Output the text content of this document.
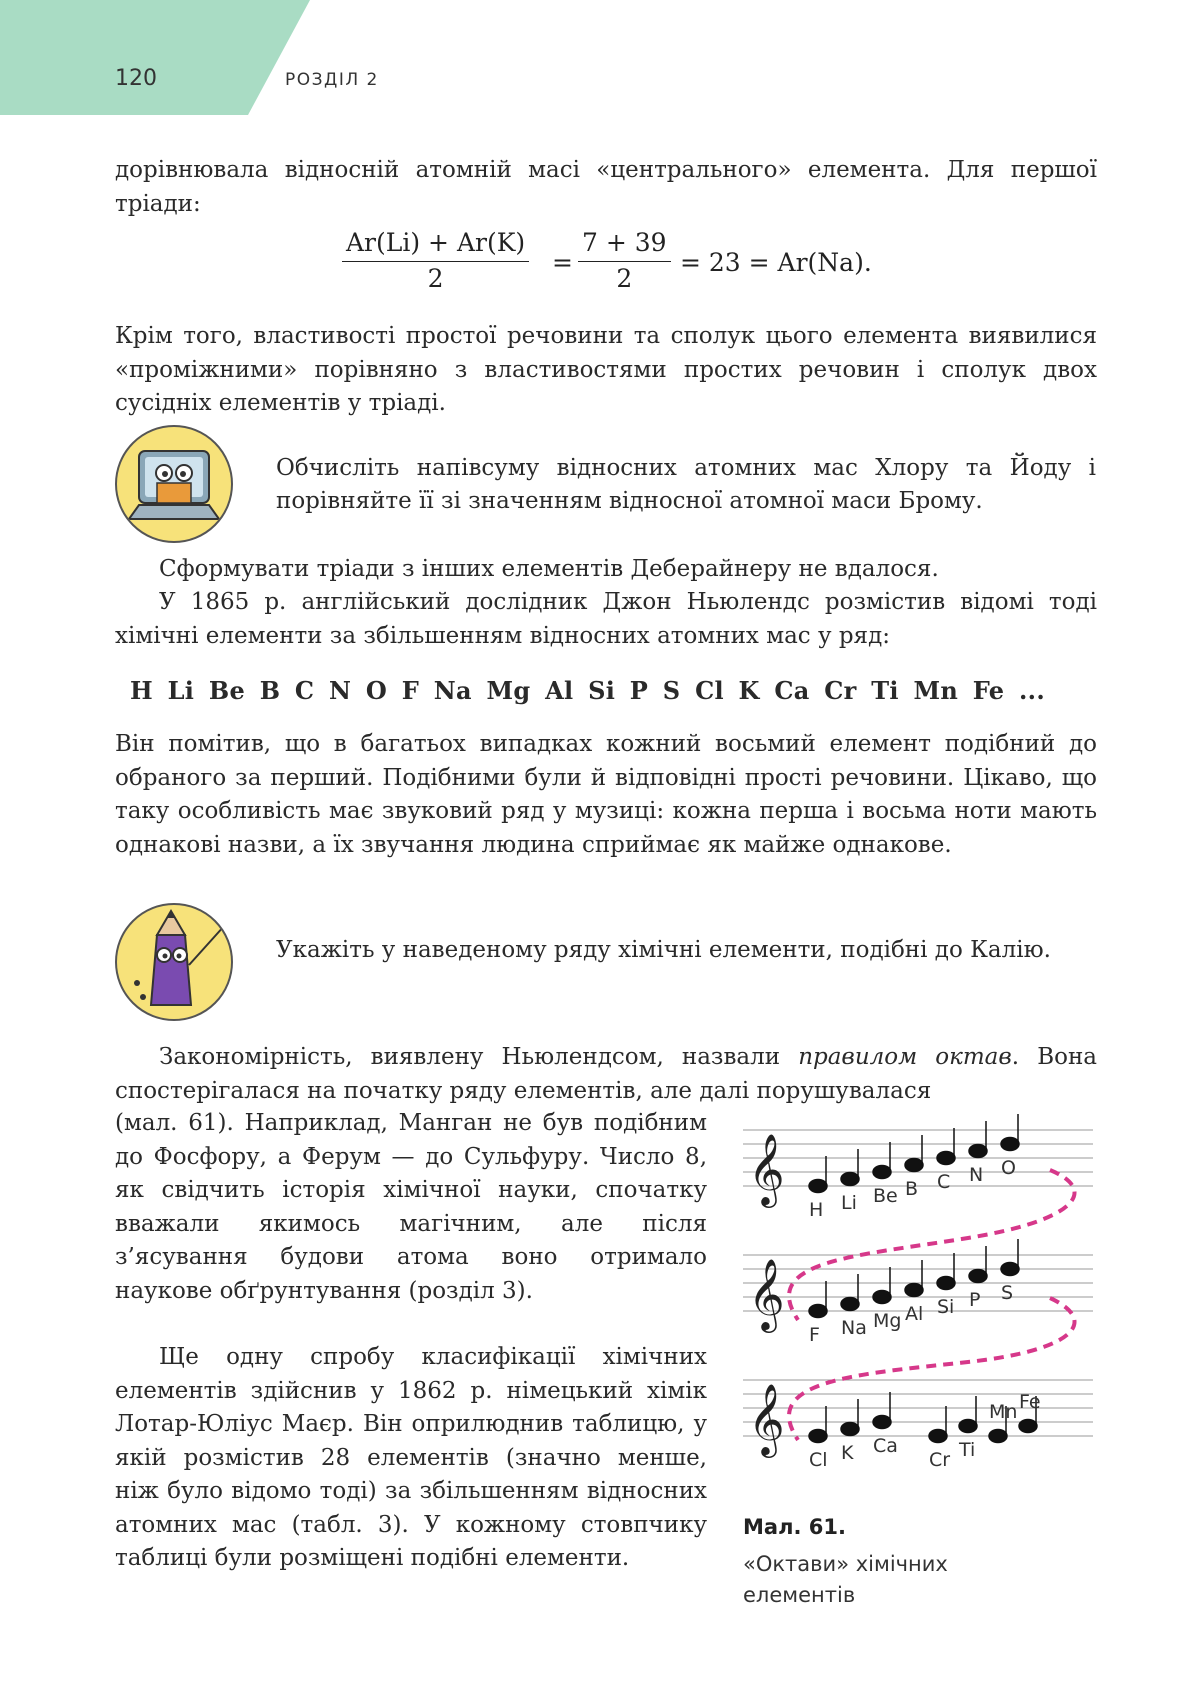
120	РОЗДІЛ 2

дорівнювала відносній атомній масі «центрального» елемента. Для першої тріади:

$\frac{Ar(Li) + Ar(K)}{2} = \frac{7 + 39}{2} = 23 = Ar(Na)$.

Крім того, властивості простої речовини та сполук цього елемента виявилися «проміжними» порівняно з властивостями простих речовин і сполук двох сусідніх елементів у тріаді.

Обчисліть напівсуму відносних атомних мас Хлору та Йоду і порівняйте її зі значенням відносної атомної маси Брому.

Сформувати тріади з інших елементів Деберайнеру не вдалося.

У 1865 р. англійський дослідник Джон Ньюлендс розмістив відомі тоді хімічні елементи за збільшенням відносних атомних мас у ряд:

H Li Be B C N O F Na Mg Al Si P S Cl K Ca Cr Ti Mn Fe ...

Він помітив, що в багатьох випадках кожний восьмий елемент подібний до обраного за перший. Подібними були й відповідні прості речовини. Цікаво, що таку особливість має звуковий ряд у музиці: кожна перша і восьма ноти мають однакові назви, а їх звучання людина сприймає як майже однакове.

Укажіть у наведеному ряду хімічні елементи, подібні до Калію.

Закономірність, виявлену Ньюлендсом, назвали правилом октав. Вона спостерігалася на початку ряду елементів, але далі порушувалася

(мал. 61). Наприклад, Манган не був подібним до Фосфору, а Ферум — до Сульфуру. Число 8, як свідчить історія хімічної науки, спочатку вважали якимось магічним, але після з’ясування будови атома воно отримало наукове обґрунтування (розділ 3).

Ще одну спробу класифікації хімічних елементів здійснив у 1862 р. німецький хімік Лотар-Юліус Маєр. Він оприлюднив таблицю, у якій розмістив 28 елементів (значно менше, ніж було відомо тоді) за збільшенням відносних атомних мас (табл. 3). У кожному стовпчику таблиці були розміщені подібні елементи.

𝄞
𝄞
𝄞
H Li Be B C N O
F Na Mg Al Si P S
Cl K Ca
Cr Ti
Mn Fe
Мал. 61.
«Октави» хімічних елементів
